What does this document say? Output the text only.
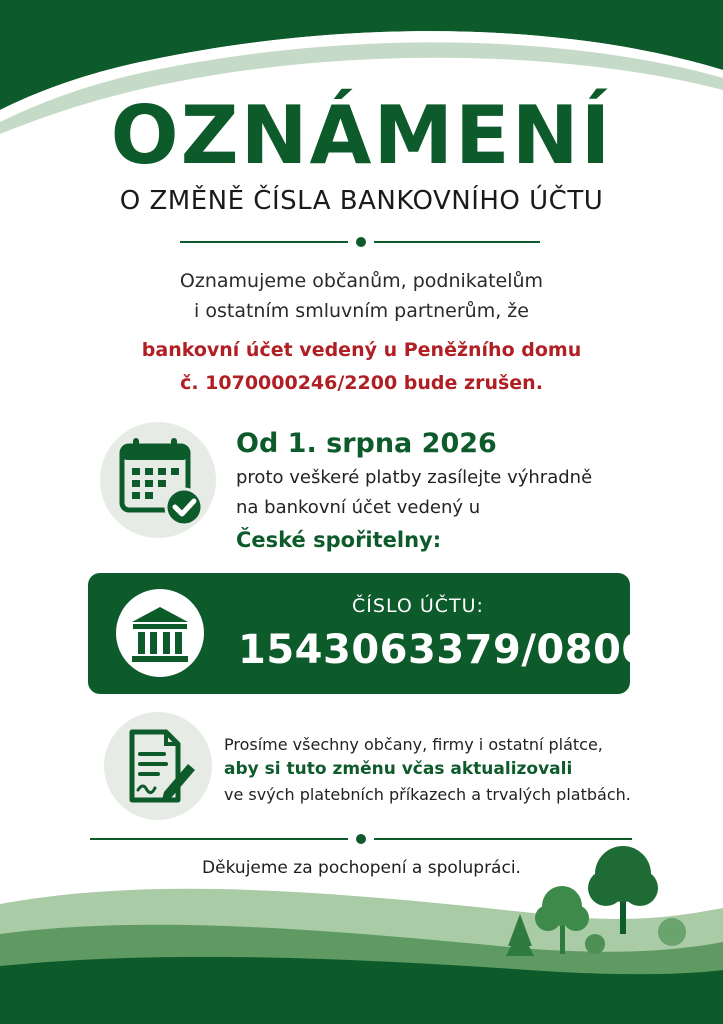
OZNÁMENÍ
O ZMĚNĚ ČÍSLA BANKOVNÍHO ÚČTU

Oznamujeme občanům, podnikatelům

i ostatním smluvním partnerům, že

bankovní účet vedený u Peněžního domu

č. 1070000246/2200 bude zrušen.

Od 1. srpna 2026
proto veškeré platby zasílejte výhradně
na bankovní účet vedený u
České spořitelny:
ČÍSLO ÚČTU:
1543063379/0800

Prosíme všechny občany, firmy i ostatní plátce,

aby si tuto změnu včas aktualizovali

ve svých platebních příkazech a trvalých platbách.

Děkujeme za pochopení a spolupráci.
